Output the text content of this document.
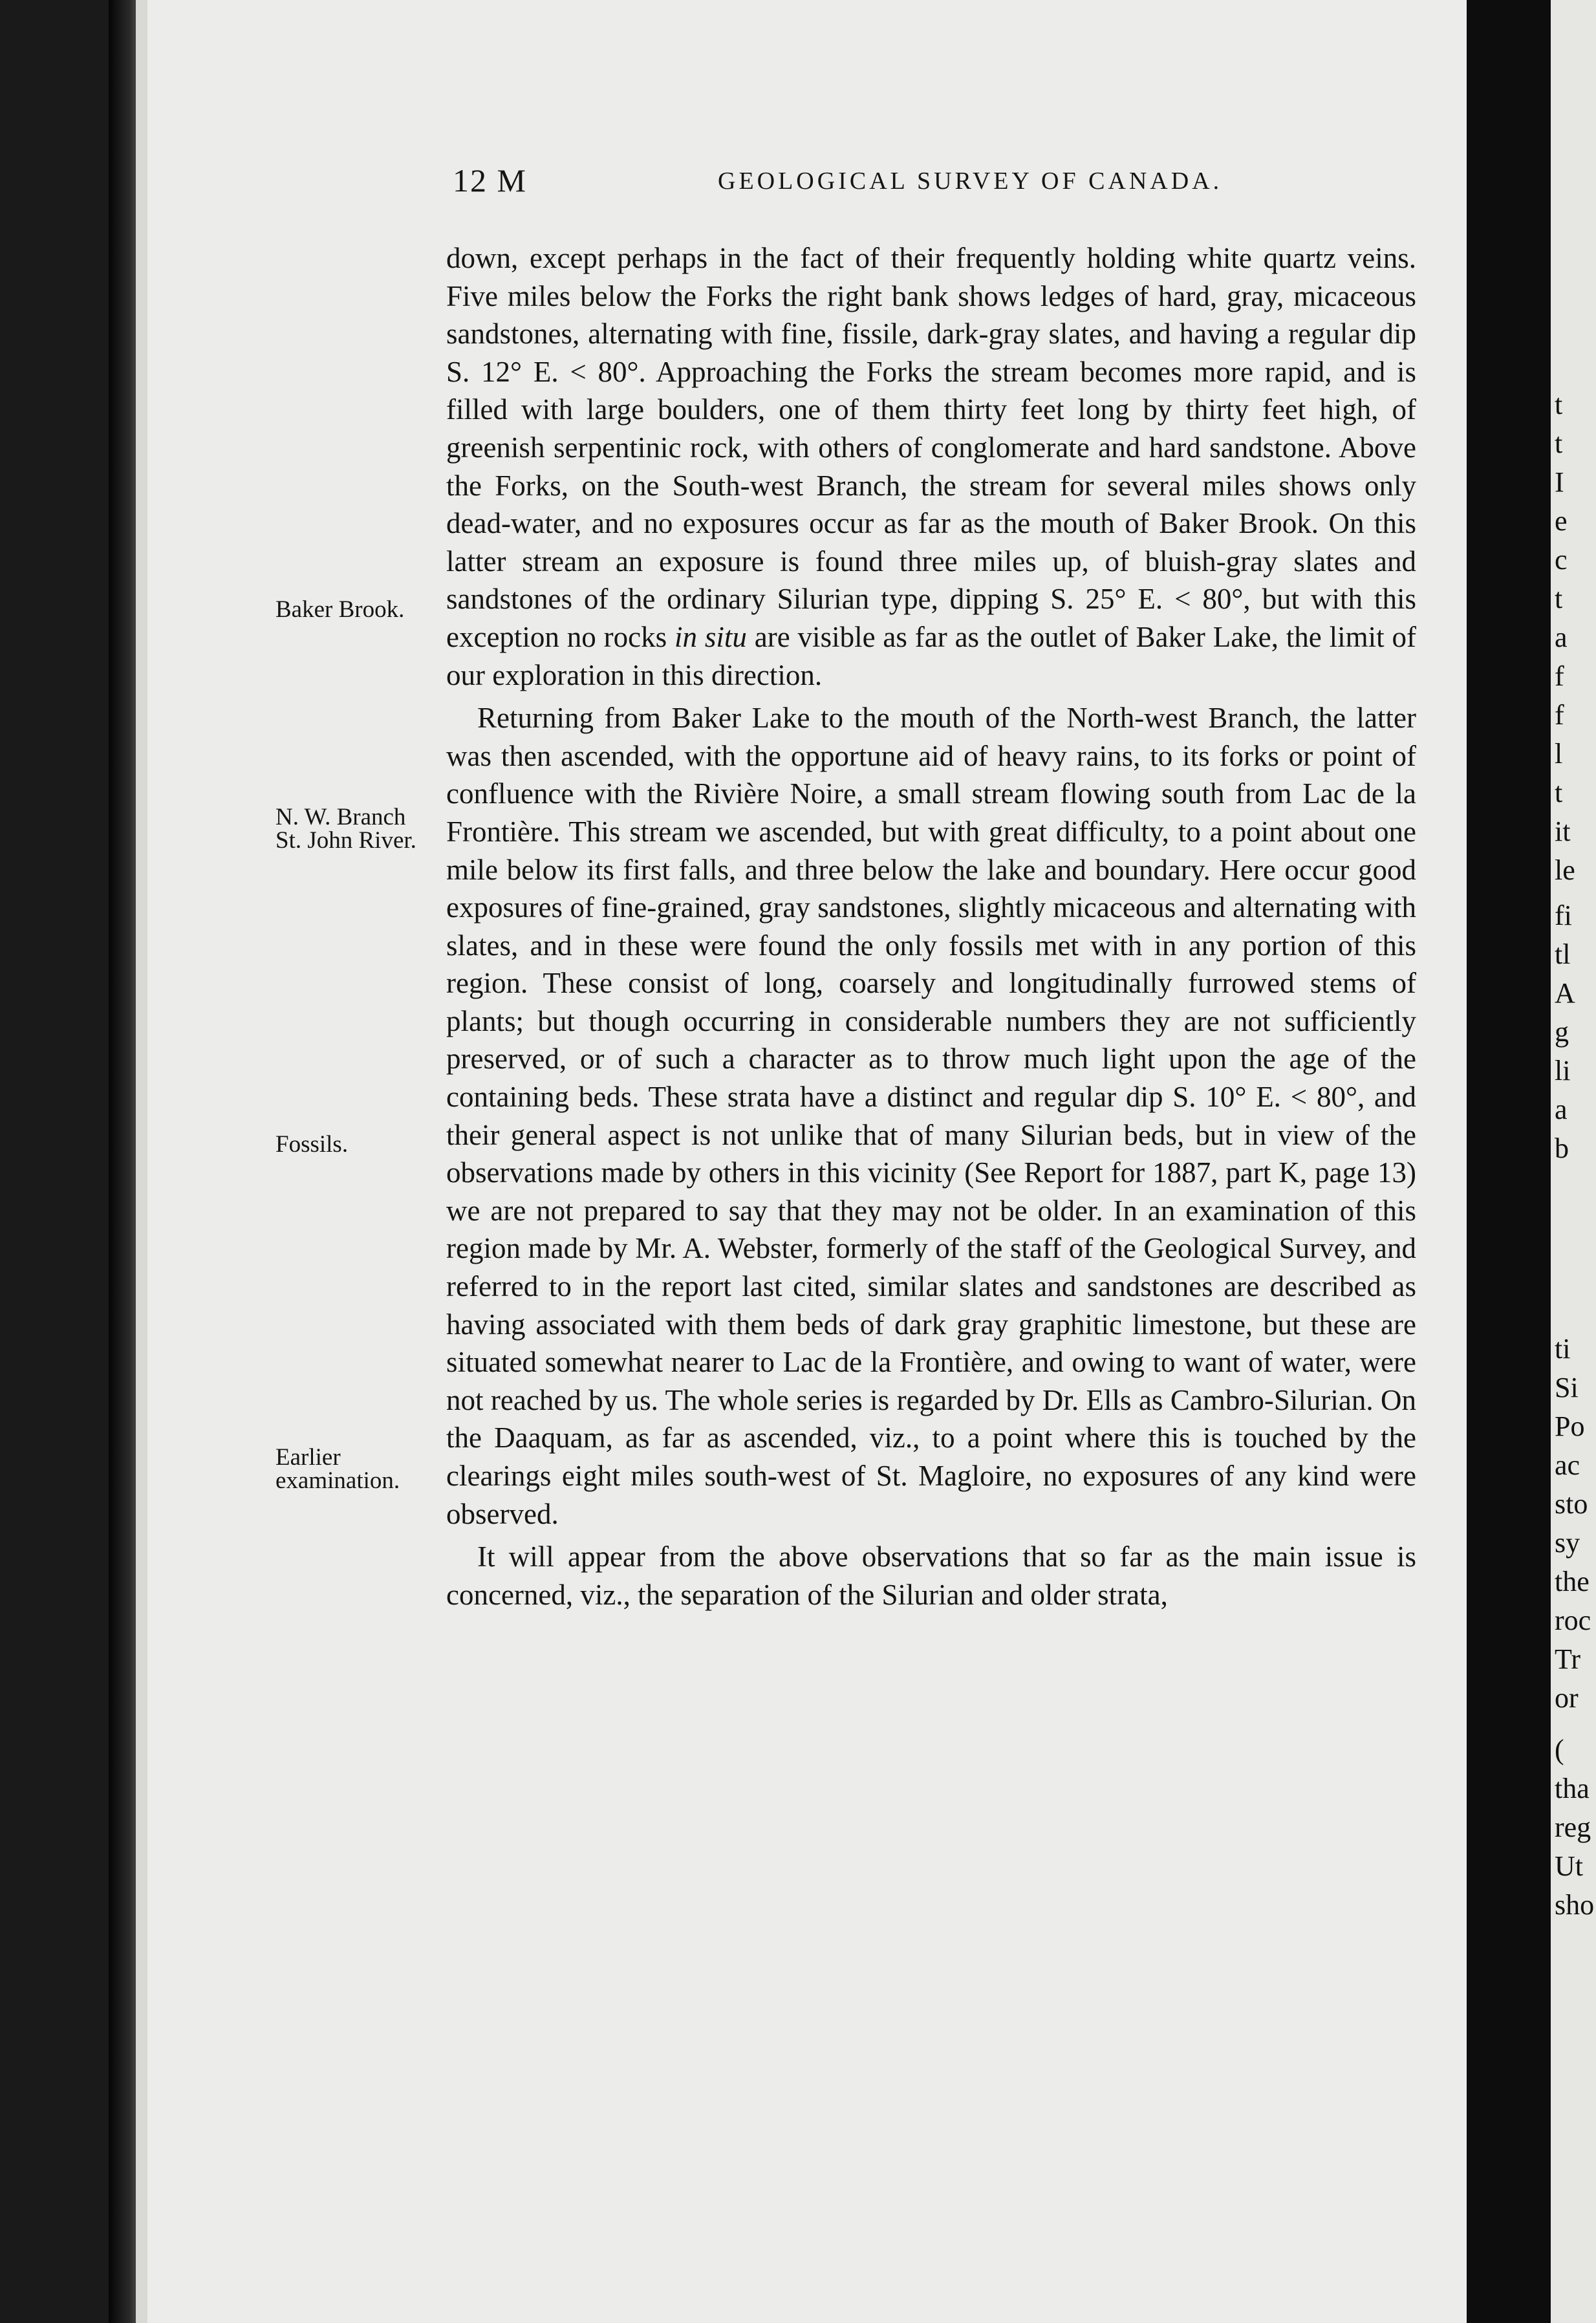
12 M	GEOLOGICAL SURVEY OF CANADA.
Baker Brook.
N. W. Branch St. John River.
Fossils.
Earlier examination.

down, except perhaps in the fact of their frequently holding white quartz veins. Five miles below the Forks the right bank shows ledges of hard, gray, micaceous sandstones, alternating with fine, fissile, dark-gray slates, and having a regular dip S. 12° E. < 80°. Approaching the Forks the stream becomes more rapid, and is filled with large boulders, one of them thirty feet long by thirty feet high, of greenish serpentinic rock, with others of conglomerate and hard sandstone. Above the Forks, on the South-west Branch, the stream for several miles shows only dead-water, and no exposures occur as far as the mouth of Baker Brook. On this latter stream an exposure is found three miles up, of bluish-gray slates and sandstones of the ordinary Silurian type, dipping S. 25° E. < 80°, but with this exception no rocks in situ are visible as far as the outlet of Baker Lake, the limit of our exploration in this direction.

Returning from Baker Lake to the mouth of the North-west Branch, the latter was then ascended, with the opportune aid of heavy rains, to its forks or point of confluence with the Rivière Noire, a small stream flowing south from Lac de la Frontière. This stream we ascended, but with great difficulty, to a point about one mile below its first falls, and three below the lake and boundary. Here occur good exposures of fine-grained, gray sandstones, slightly micaceous and alternating with slates, and in these were found the only fossils met with in any portion of this region. These consist of long, coarsely and longitudinally furrowed stems of plants; but though occurring in considerable numbers they are not sufficiently preserved, or of such a character as to throw much light upon the age of the containing beds. These strata have a distinct and regular dip S. 10° E. < 80°, and their general aspect is not unlike that of many Silurian beds, but in view of the observations made by others in this vicinity (See Report for 1887, part K, page 13) we are not prepared to say that they may not be older. In an examination of this region made by Mr. A. Webster, formerly of the staff of the Geological Survey, and referred to in the report last cited, similar slates and sandstones are described as having associated with them beds of dark gray graphitic limestone, but these are situated somewhat nearer to Lac de la Frontière, and owing to want of water, were not reached by us. The whole series is regarded by Dr. Ells as Cambro-Silurian. On the Daaquam, as far as ascended, viz., to a point where this is touched by the clearings eight miles south-west of St. Magloire, no exposures of any kind were observed.

It will appear from the above observations that so far as the main issue is concerned, viz., the separation of the Silurian and older strata,

t
t
I
e
c
t
a
f
f
l
t
it
le
fi
tl
A
g
li
a
b
ti
Si
Po
ac
sto
sy
the
roc
Tr
or
(
tha
reg
Ut
sho
